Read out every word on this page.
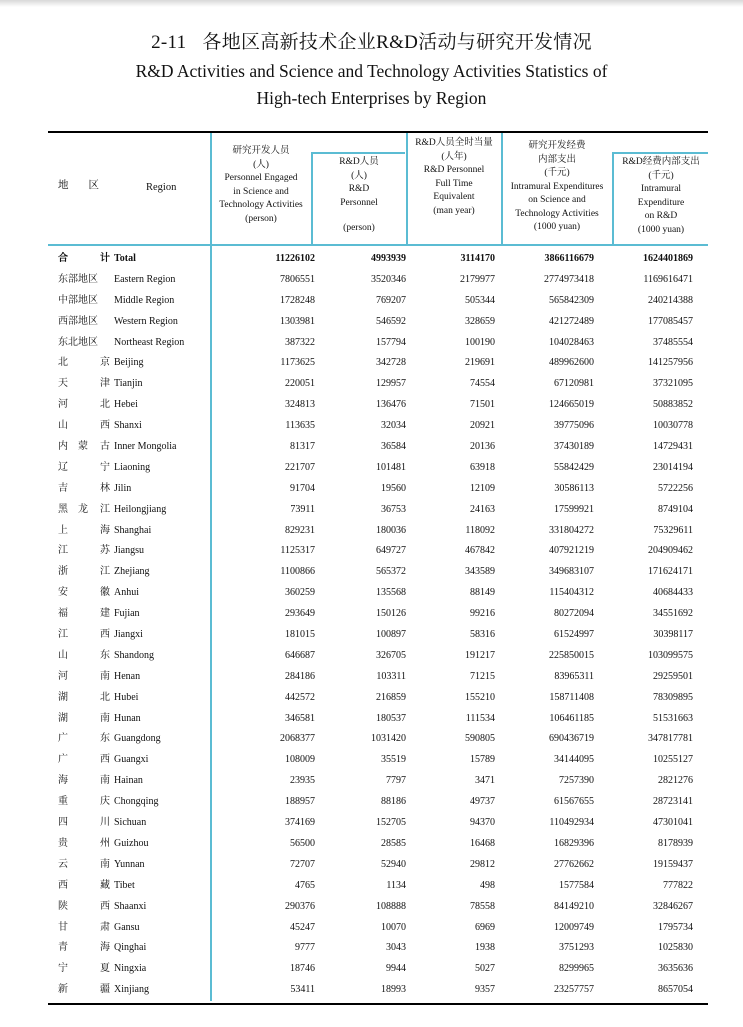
2-11 各地区高新技术企业R&D活动与研究开发情况
R&D Activities and Science and Technology Activities Statistics of
High-tech Enterprises by Region
地区	Region
研究开发人员
(人)
Personnel Engaged
in Science and
Technology Activities
(person)
R&D人员
(人)
R&D
Personnel
(person)
R&D人员全时当量
(人年)
R&D Personnel
Full Time
Equivalent
(man year)
研究开发经费
内部支出
(千元)
Intramural Expenditures
on Science and
Technology Activities
(1000 yuan)
R&D经费内部支出
(千元)
Intramural
Expenditure
on R&D
(1000 yuan)
合	计 Total	11226102	4993939	3114170	3866116679	1624401869
东部地区	Eastern Region	7806551	3520346	2179977	2774973418	1169616471
中部地区	Middle Region	1728248	769207	505344	565842309	240214388
西部地区	Western Region	1303981	546592	328659	421272489	177085457
东北地区	Northeast Region	387322	157794	100190	104028463	37485554
北	京 Beijing	1173625	342728	219691	489962600	141257956
天	津 Tianjin	220051	129957	74554	67120981	37321095
河	北 Hebei	324813	136476	71501	124665019	50883852
山	西 Shanxi	113635	32034	20921	39775096	10030778
内 蒙 古 Inner Mongolia	81317	36584	20136	37430189	14729431
辽	宁 Liaoning	221707	101481	63918	55842429	23014194
吉	林 Jilin	91704	19560	12109	30586113	5722256
黑 龙 江 Heilongjiang	73911	36753	24163	17599921	8749104
上	海 Shanghai	829231	180036	118092	331804272	75329611
江	苏 Jiangsu	1125317	649727	467842	407921219	204909462
浙	江 Zhejiang	1100866	565372	343589	349683107	171624171
安	徽 Anhui	360259	135568	88149	115404312	40684433
福	建 Fujian	293649	150126	99216	80272094	34551692
江	西 Jiangxi	181015	100897	58316	61524997	30398117
山	东 Shandong	646687	326705	191217	225850015	103099575
河	南 Henan	284186	103311	71215	83965311	29259501
湖	北 Hubei	442572	216859	155210	158711408	78309895
湖	南 Hunan	346581	180537	111534	106461185	51531663
广	东 Guangdong	2068377	1031420	590805	690436719	347817781
广	西 Guangxi	108009	35519	15789	34144095	10255127
海	南 Hainan	23935	7797	3471	7257390	2821276
重	庆 Chongqing	188957	88186	49737	61567655	28723141
四	川 Sichuan	374169	152705	94370	110492934	47301041
贵	州 Guizhou	56500	28585	16468	16829396	8178939
云	南 Yunnan	72707	52940	29812	27762662	19159437
西	藏 Tibet	4765	1134	498	1577584	777822
陕	西 Shaanxi	290376	108888	78558	84149210	32846267
甘	肃 Gansu	45247	10070	6969	12009749	1795734
青	海 Qinghai	9777	3043	1938	3751293	1025830
宁	夏 Ningxia	18746	9944	5027	8299965	3635636
新	疆 Xinjiang	53411	18993	9357	23257757	8657054
